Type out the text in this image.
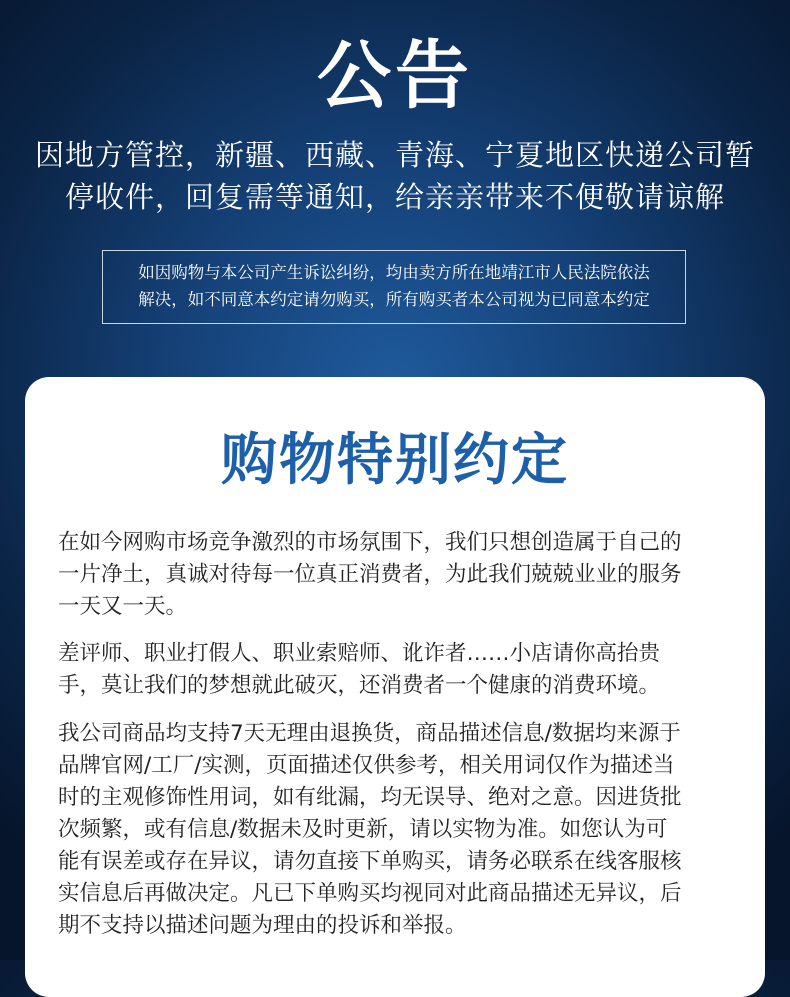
公告
因地方管控，新疆、西藏、青海、宁夏地区快递公司暂
停收件，回复需等通知，给亲亲带来不便敬请谅解
如因购物与本公司产生诉讼纠纷，均由卖方所在地靖江市人民法院依法
解决，如不同意本约定请勿购买，所有购买者本公司视为已同意本约定
购物特别约定
在如今网购市场竞争激烈的市场氛围下，我们只想创造属于自己的
一片净土，真诚对待每一位真正消费者，为此我们兢兢业业的服务
一天又一天。
差评师、职业打假人、职业索赔师、讹诈者……小店请你高抬贵
手，莫让我们的梦想就此破灭，还消费者一个健康的消费环境。
我公司商品均支持7天无理由退换货，商品描述信息/数据均来源于
品牌官网/工厂/实测，页面描述仅供参考，相关用词仅作为描述当
时的主观修饰性用词，如有纰漏，均无误导、绝对之意。因进货批
次频繁，或有信息/数据未及时更新，请以实物为准。如您认为可
能有误差或存在异议，请勿直接下单购买，请务必联系在线客服核
实信息后再做决定。凡已下单购买均视同对此商品描述无异议，后
期不支持以描述问题为理由的投诉和举报。
